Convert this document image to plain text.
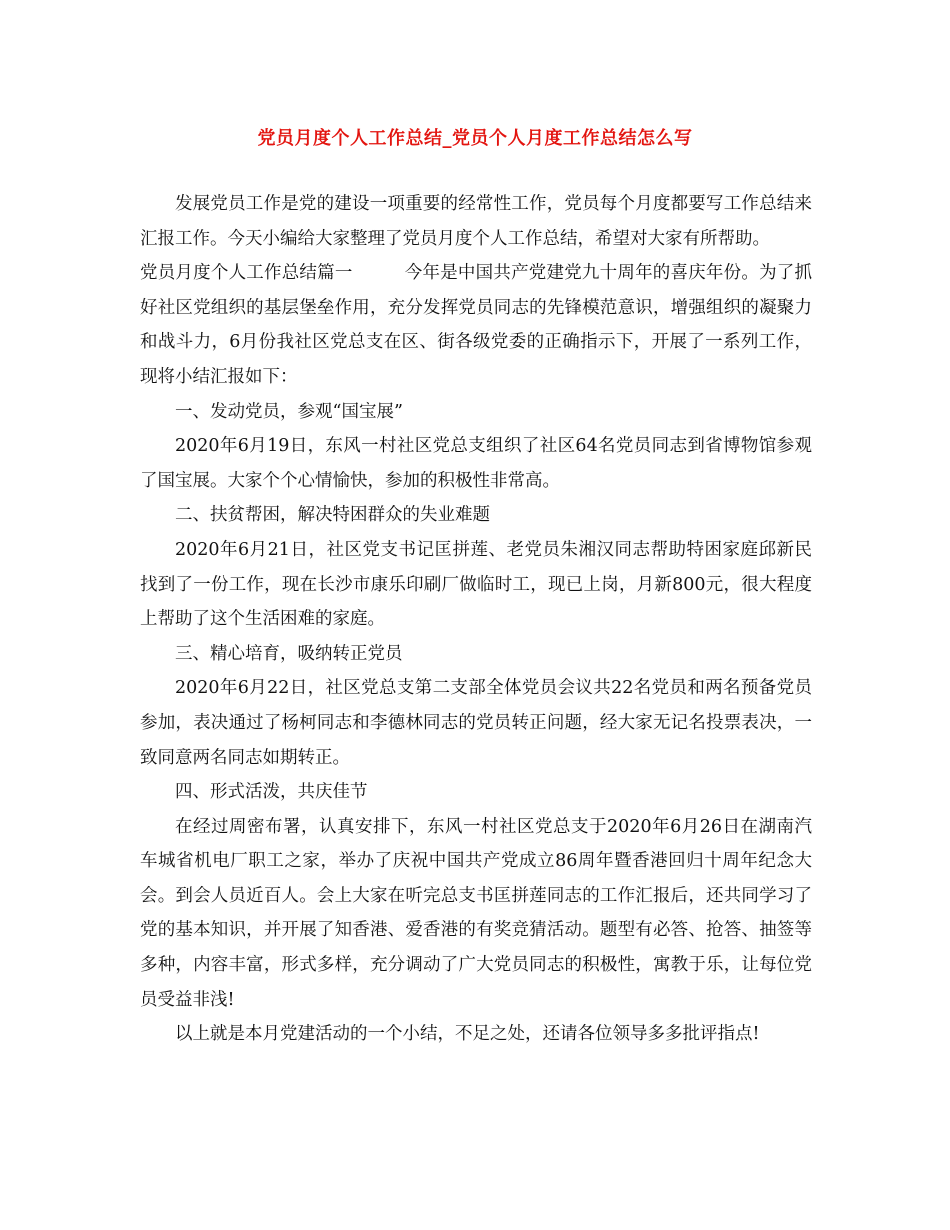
党员月度个人工作总结_党员个人月度工作总结怎么写

发展党员工作是党的建设一项重要的经常性工作，党员每个月度都要写工作总结来汇报工作。今天小编给大家整理了党员月度个人工作总结，希望对大家有所帮助。

党员月度个人工作总结篇一	今年是中国共产党建党九十周年的喜庆年份。为了抓好社区党组织的基层堡垒作用，充分发挥党员同志的先锋模范意识，增强组织的凝聚力和战斗力，6月份我社区党总支在区、街各级党委的正确指示下，开展了一系列工作，现将小结汇报如下：

一、发动党员，参观“国宝展”

2020年6月19日，东风一村社区党总支组织了社区64名党员同志到省博物馆参观了国宝展。大家个个心情愉快，参加的积极性非常高。

二、扶贫帮困，解决特困群众的失业难题

2020年6月21日，社区党支书记匡拼莲、老党员朱湘汉同志帮助特困家庭邱新民找到了一份工作，现在长沙市康乐印刷厂做临时工，现已上岗，月新800元，很大程度上帮助了这个生活困难的家庭。

三、精心培育，吸纳转正党员

2020年6月22日，社区党总支第二支部全体党员会议共22名党员和两名预备党员参加，表决通过了杨柯同志和李德林同志的党员转正问题，经大家无记名投票表决，一致同意两名同志如期转正。

四、形式活泼，共庆佳节

在经过周密布署，认真安排下，东风一村社区党总支于2020年6月26日在湖南汽车城省机电厂职工之家，举办了庆祝中国共产党成立86周年暨香港回归十周年纪念大会。到会人员近百人。会上大家在听完总支书匡拼莲同志的工作汇报后，还共同学习了党的基本知识，并开展了知香港、爱香港的有奖竞猜活动。题型有必答、抢答、抽签等多种，内容丰富，形式多样，充分调动了广大党员同志的积极性，寓教于乐，让每位党员受益非浅!

以上就是本月党建活动的一个小结，不足之处，还请各位领导多多批评指点!
